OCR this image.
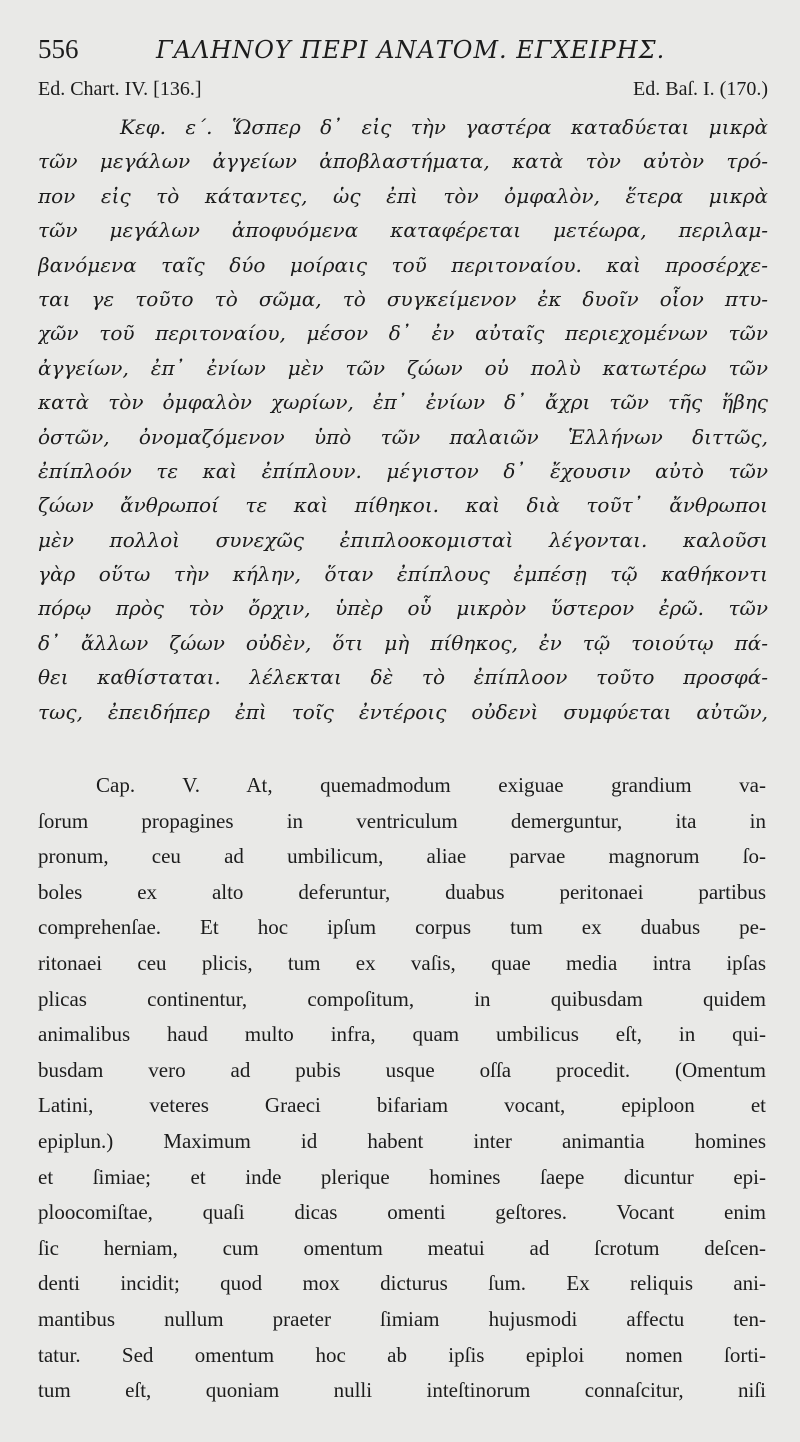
556	ΓΑΛΗΝΟΥ ΠΕΡΙ ΑΝΑΤΟΜ. ΕΓΧΕΙΡΗΣ.
Ed. Chart. IV. [136.]	Ed. Baſ. I. (170.)
Κεφ. ε΄. Ὥσπερ δ᾽ εἰς τὴν γαστέρα καταδύεται μικρὰ
τῶν μεγάλων ἀγγείων ἀποβλαστήματα, κατὰ τὸν αὐτὸν τρό-
πον εἰς τὸ κάταντες, ὡς ἐπὶ τὸν ὀμφαλὸν, ἕτερα μικρὰ
τῶν μεγάλων ἀποφυόμενα καταφέρεται μετέωρα, περιλαμ-
βανόμενα ταῖς δύο μοίραις τοῦ περιτοναίου. καὶ προσέρχε-
ται γε τοῦτο τὸ σῶμα, τὸ συγκείμενον ἐκ δυοῖν οἷον πτυ-
χῶν τοῦ περιτοναίου, μέσον δ᾽ ἐν αὐταῖς περιεχομένων τῶν
ἀγγείων, ἐπ᾽ ἐνίων μὲν τῶν ζώων οὐ πολὺ κατωτέρω τῶν
κατὰ τὸν ὀμφαλὸν χωρίων, ἐπ᾽ ἐνίων δ᾽ ἄχρι τῶν τῆς ἥβης
ὀστῶν, ὀνομαζόμενον ὑπὸ τῶν παλαιῶν Ἑλλήνων διττῶς,
ἐπίπλοόν τε καὶ ἐπίπλουν. μέγιστον δ᾽ ἔχουσιν αὐτὸ τῶν
ζώων ἄνθρωποί τε καὶ πίθηκοι. καὶ διὰ τοῦτ᾽ ἄνθρωποι
μὲν πολλοὶ συνεχῶς ἐπιπλοοκομισταὶ λέγονται. καλοῦσι
γὰρ οὕτω τὴν κήλην, ὅταν ἐπίπλους ἐμπέσῃ τῷ καθήκοντι
πόρῳ πρὸς τὸν ὄρχιν, ὑπὲρ οὗ μικρὸν ὕστερον ἐρῶ. τῶν
δ᾽ ἄλλων ζώων οὐδὲν, ὅτι μὴ πίθηκος, ἐν τῷ τοιούτῳ πά-
θει καθίσταται. λέλεκται δὲ τὸ ἐπίπλοον τοῦτο προσφά-
τως, ἐπειδήπερ ἐπὶ τοῖς ἐντέροις οὐδενὶ συμφύεται αὐτῶν,
Cap. V. At, quemadmodum exiguae grandium va-
ſorum propagines in ventriculum demerguntur, ita in
pronum, ceu ad umbilicum, aliae parvae magnorum ſo-
boles ex alto deferuntur, duabus peritonaei partibus
comprehenſae. Et hoc ipſum corpus tum ex duabus pe-
ritonaei ceu plicis, tum ex vaſis, quae media intra ipſas
plicas continentur, compoſitum, in quibusdam quidem
animalibus haud multo infra, quam umbilicus eſt, in qui-
busdam vero ad pubis usque oſſa procedit. (Omentum
Latini, veteres Graeci bifariam vocant, epiploon et
epiplun.) Maximum id habent inter animantia homines
et ſimiae; et inde plerique homines ſaepe dicuntur epi-
ploocomiſtae, quaſi dicas omenti geſtores. Vocant enim
ſic herniam, cum omentum meatui ad ſcrotum deſcen-
denti incidit; quod mox dicturus ſum. Ex reliquis ani-
mantibus nullum praeter ſimiam hujusmodi affectu ten-
tatur. Sed omentum hoc ab ipſis epiploi nomen ſorti-
tum eſt, quoniam nulli inteſtinorum connaſcitur, niſi
